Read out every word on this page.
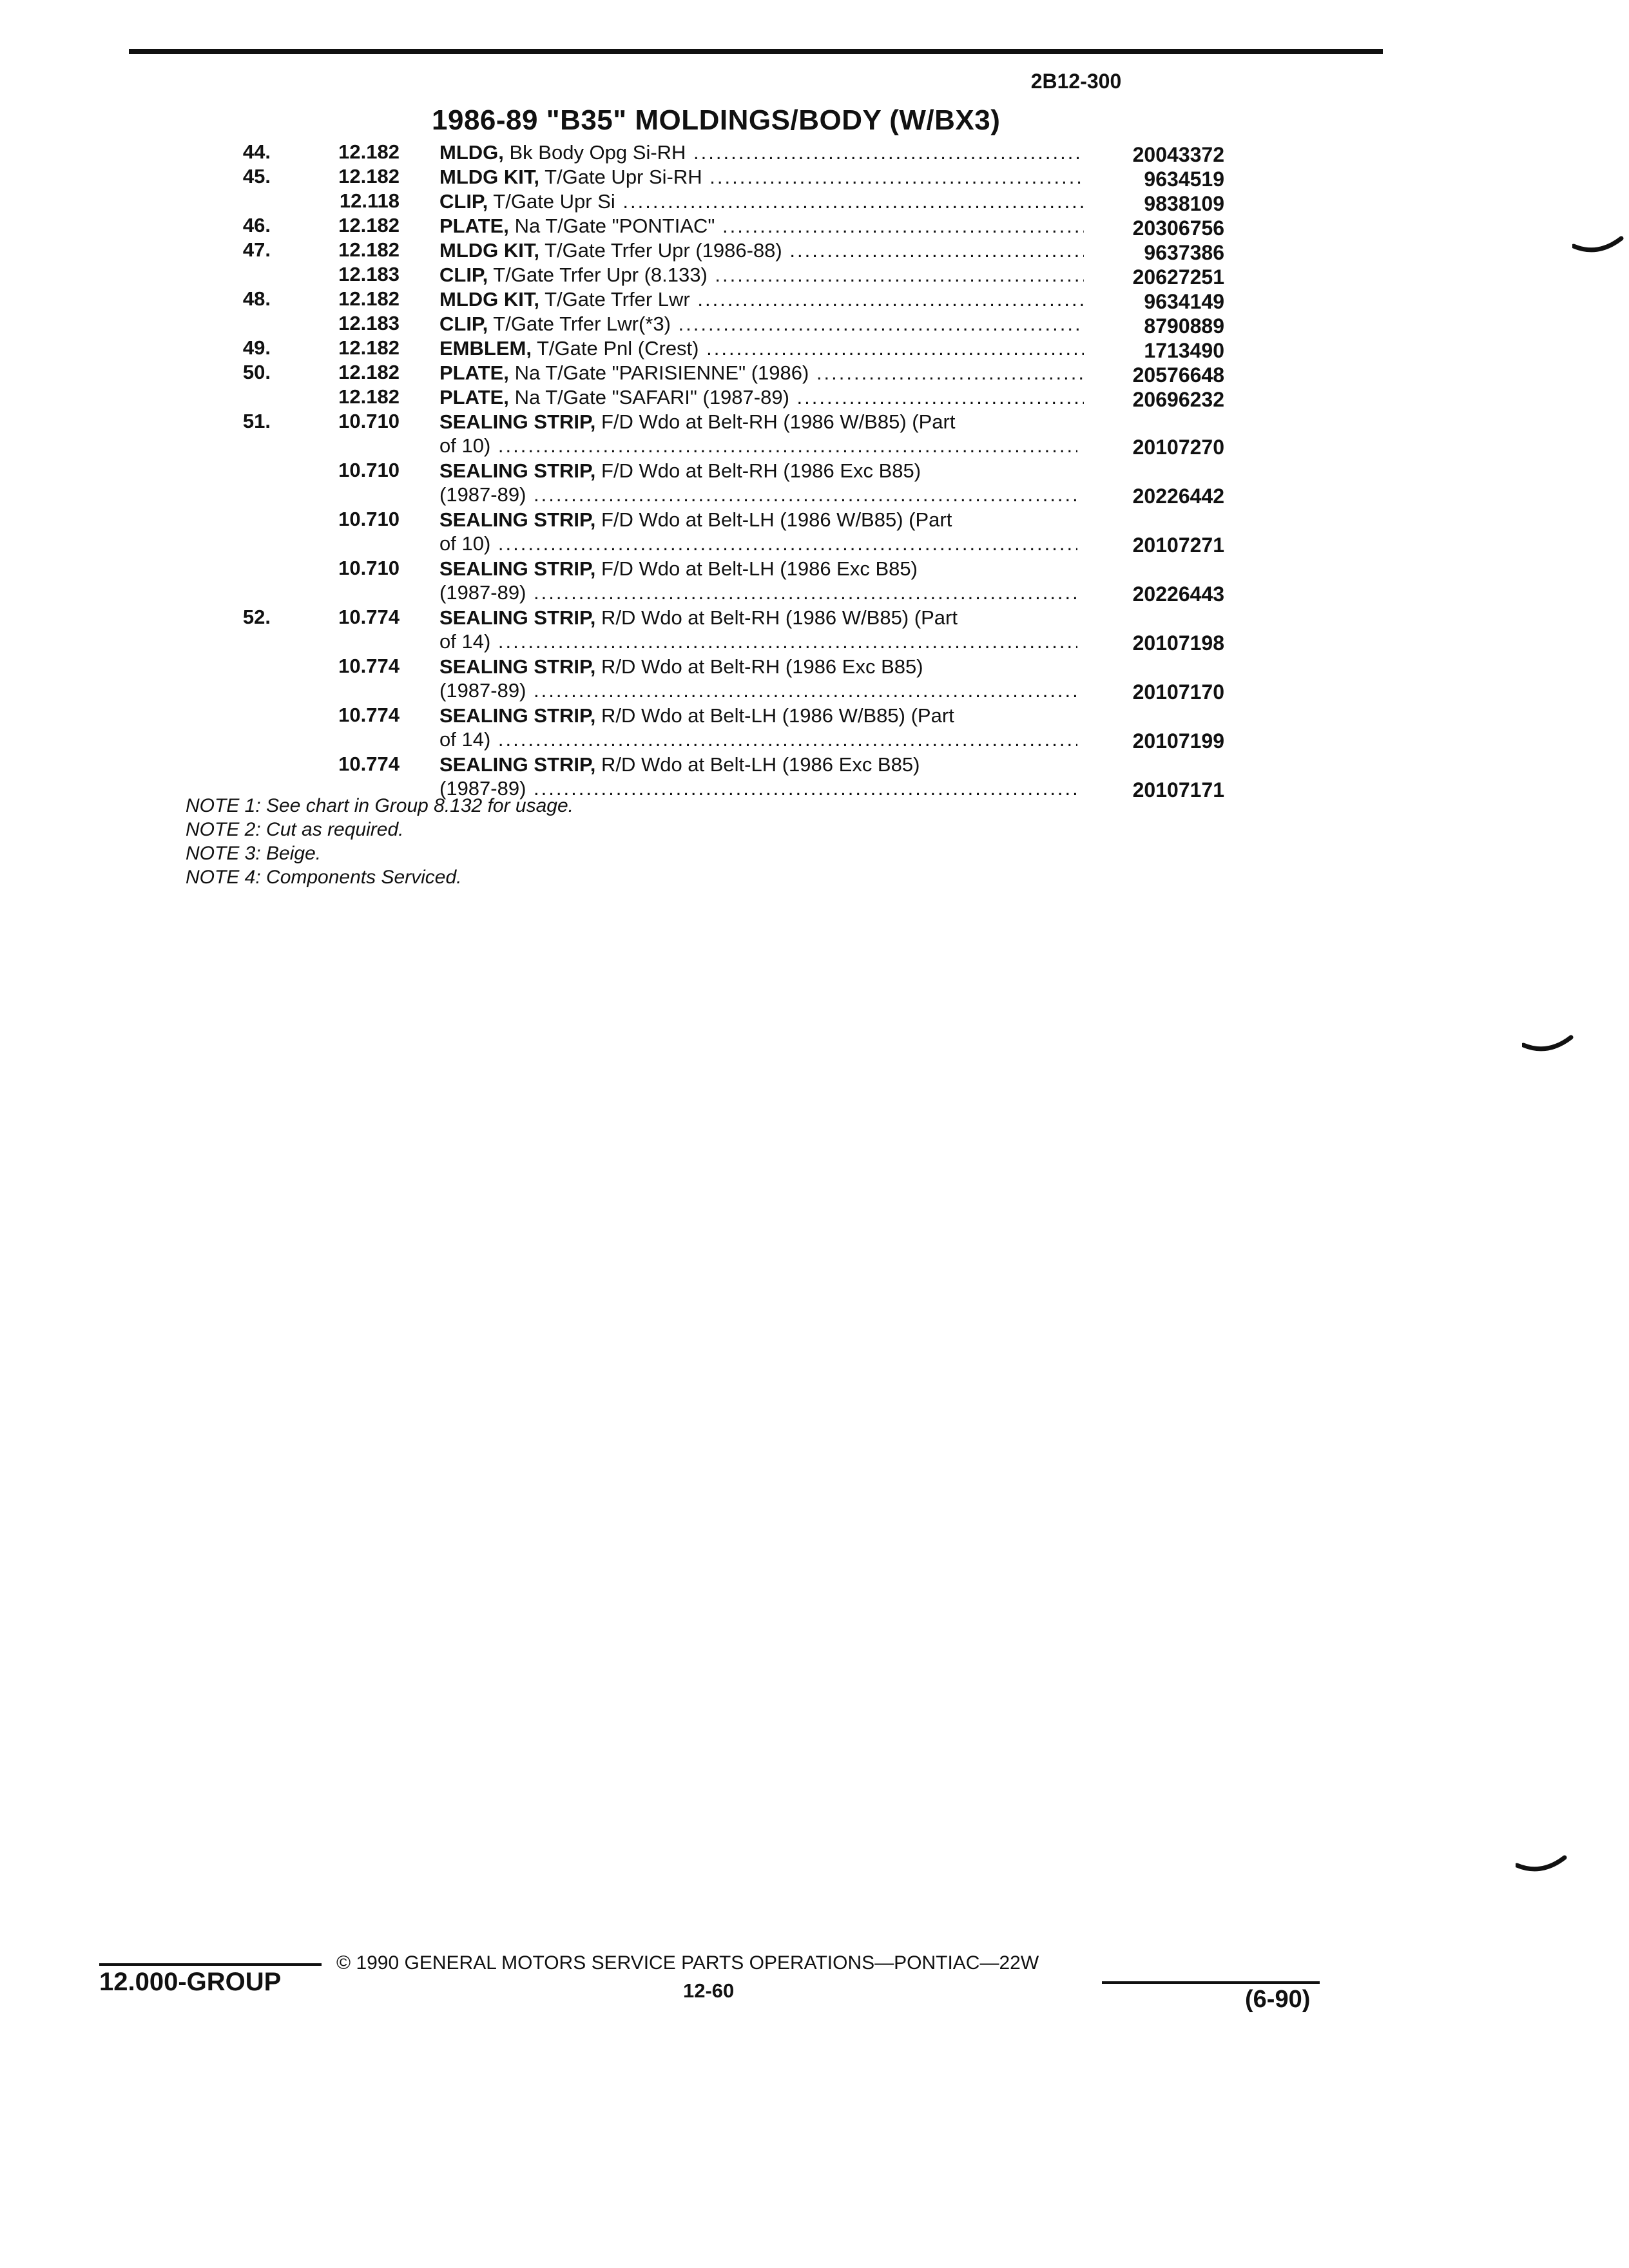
2B12-300
1986-89 "B35" MOLDINGS/BODY (W/BX3)
44.	12.182 MLDG, Bk Body Opg Si-RH .....	20043372
45.	12.182 MLDG KIT, T/Gate Upr Si-RH .....	9634519
12.118 CLIP, T/Gate Upr Si .....	9838109
46.	12.182 PLATE, Na T/Gate "PONTIAC" .....	20306756
47.	12.182 MLDG KIT, T/Gate Trfer Upr (1986-88) .....	9637386
12.183 CLIP, T/Gate Trfer Upr (8.133) .....	20627251
48.	12.182 MLDG KIT, T/Gate Trfer Lwr .....	9634149
12.183 CLIP, T/Gate Trfer Lwr(*3) .....	8790889
49.	12.182 EMBLEM, T/Gate Pnl (Crest) .....	1713490
50.	12.182 PLATE, Na T/Gate "PARISIENNE" (1986) .....	20576648
12.182 PLATE, Na T/Gate "SAFARI" (1987-89) .....	20696232
51.	10.710 SEALING STRIP, F/D Wdo at Belt-RH (1986 W/B85) (Part
of 10) .....	20107270
10.710 SEALING STRIP, F/D Wdo at Belt-RH (1986 Exc B85)
(1987-89) .....	20226442
10.710 SEALING STRIP, F/D Wdo at Belt-LH (1986 W/B85) (Part
of 10) .....	20107271
10.710 SEALING STRIP, F/D Wdo at Belt-LH (1986 Exc B85)
(1987-89) .....	20226443
52.	10.774 SEALING STRIP, R/D Wdo at Belt-RH (1986 W/B85) (Part
of 14) .....	20107198
10.774 SEALING STRIP, R/D Wdo at Belt-RH (1986 Exc B85)
(1987-89) .....	20107170
10.774 SEALING STRIP, R/D Wdo at Belt-LH (1986 W/B85) (Part
of 14) .....	20107199
10.774 SEALING STRIP, R/D Wdo at Belt-LH (1986 Exc B85)
(1987-89) .....	20107171
NOTE 1: See chart in Group 8.132 for usage.
NOTE 2: Cut as required.
NOTE 3: Beige.
NOTE 4: Components Serviced.
12.000-GROUP
© 1990 GENERAL MOTORS SERVICE PARTS OPERATIONS—PONTIAC—22W
12-60	(6-90)
